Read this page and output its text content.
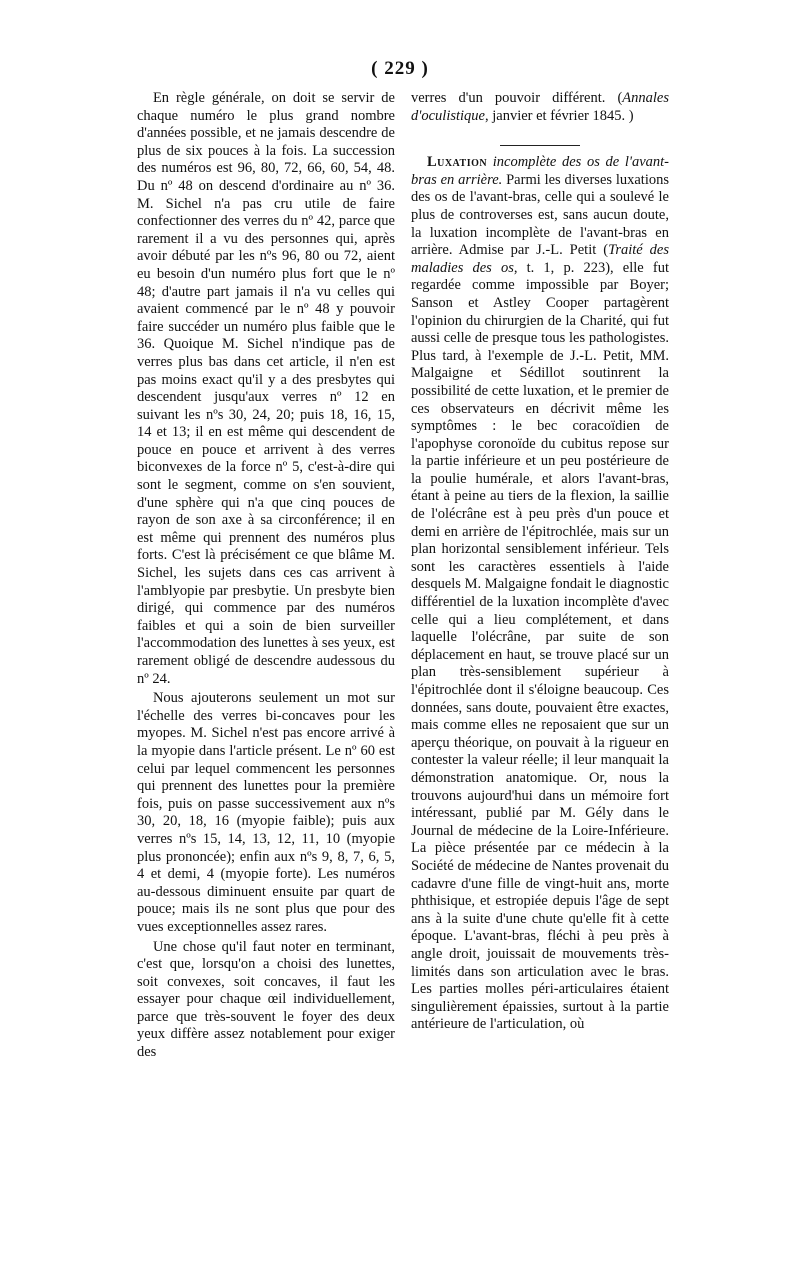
( 229 )

En règle générale, on doit se servir de chaque numéro le plus grand nombre d'années possible, et ne jamais descendre de plus de six pouces à la fois. La succession des numéros est 96, 80, 72, 66, 60, 54, 48. Du nº 48 on descend d'ordinaire au nº 36. M. Sichel n'a pas cru utile de faire confectionner des verres du nº 42, parce que rarement il a vu des personnes qui, après avoir débuté par les nºs 96, 80 ou 72, aient eu besoin d'un numéro plus fort que le nº 48; d'autre part jamais il n'a vu celles qui avaient commencé par le nº 48 y pouvoir faire succéder un numéro plus faible que le 36. Quoique M. Sichel n'indique pas de verres plus bas dans cet article, il n'en est pas moins exact qu'il y a des presbytes qui descendent jusqu'aux verres nº 12 en suivant les nºs 30, 24, 20; puis 18, 16, 15, 14 et 13; il en est même qui descendent de pouce en pouce et arrivent à des verres biconvexes de la force nº 5, c'est-à-dire qui sont le segment, comme on s'en souvient, d'une sphère qui n'a que cinq pouces de rayon de son axe à sa circonférence; il en est même qui prennent des numéros plus forts. C'est là précisément ce que blâme M. Sichel, les sujets dans ces cas arrivent à l'amblyopie par presbytie. Un presbyte bien dirigé, qui commence par des numéros faibles et qui a soin de bien surveiller l'accommodation des lunettes à ses yeux, est rarement obligé de descendre audessous du nº 24.

Nous ajouterons seulement un mot sur l'échelle des verres bi-concaves pour les myopes. M. Sichel n'est pas encore arrivé à la myopie dans l'article présent. Le nº 60 est celui par lequel commencent les personnes qui prennent des lunettes pour la première fois, puis on passe successivement aux nºs 30, 20, 18, 16 (myopie faible); puis aux verres nºs 15, 14, 13, 12, 11, 10 (myopie plus prononcée); enfin aux nºs 9, 8, 7, 6, 5, 4 et demi, 4 (myopie forte). Les numéros au-dessous diminuent ensuite par quart de pouce; mais ils ne sont plus que pour des vues exceptionnelles assez rares.

Une chose qu'il faut noter en terminant, c'est que, lorsqu'on a choisi des lunettes, soit convexes, soit concaves, il faut les essayer pour chaque œil individuellement, parce que très-souvent le foyer des deux yeux diffère assez notablement pour exiger des

verres d'un pouvoir différent. (Annales d'oculistique, janvier et février 1845. )

Luxation incomplète des os de l'avant-bras en arrière. Parmi les diverses luxations des os de l'avant-bras, celle qui a soulevé le plus de controverses est, sans aucun doute, la luxation incomplète de l'avant-bras en arrière. Admise par J.-L. Petit (Traité des maladies des os, t. 1, p. 223), elle fut regardée comme impossible par Boyer; Sanson et Astley Cooper partagèrent l'opinion du chirurgien de la Charité, qui fut aussi celle de presque tous les pathologistes. Plus tard, à l'exemple de J.-L. Petit, MM. Malgaigne et Sédillot soutinrent la possibilité de cette luxation, et le premier de ces observateurs en décrivit même les symptômes : le bec coracoïdien de l'apophyse coronoïde du cubitus repose sur la partie inférieure et un peu postérieure de la poulie humérale, et alors l'avant-bras, étant à peine au tiers de la flexion, la saillie de l'olécrâne est à peu près d'un pouce et demi en arrière de l'épitrochlée, mais sur un plan horizontal sensiblement inférieur. Tels sont les caractères essentiels à l'aide desquels M. Malgaigne fondait le diagnostic différentiel de la luxation incomplète d'avec celle qui a lieu complétement, et dans laquelle l'olécrâne, par suite de son déplacement en haut, se trouve placé sur un plan très-sensiblement supérieur à l'épitrochlée dont il s'éloigne beaucoup. Ces données, sans doute, pouvaient être exactes, mais comme elles ne reposaient que sur un aperçu théorique, on pouvait à la rigueur en contester la valeur réelle; il leur manquait la démonstration anatomique. Or, nous la trouvons aujourd'hui dans un mémoire fort intéressant, publié par M. Gély dans le Journal de médecine de la Loire-Inférieure. La pièce présentée par ce médecin à la Société de médecine de Nantes provenait du cadavre d'une fille de vingt-huit ans, morte phthisique, et estropiée depuis l'âge de sept ans à la suite d'une chute qu'elle fit à cette époque. L'avant-bras, fléchi à peu près à angle droit, jouissait de mouvements très-limités dans son articulation avec le bras. Les parties molles péri-articulaires étaient singulièrement épaissies, surtout à la partie antérieure de l'articulation, où
